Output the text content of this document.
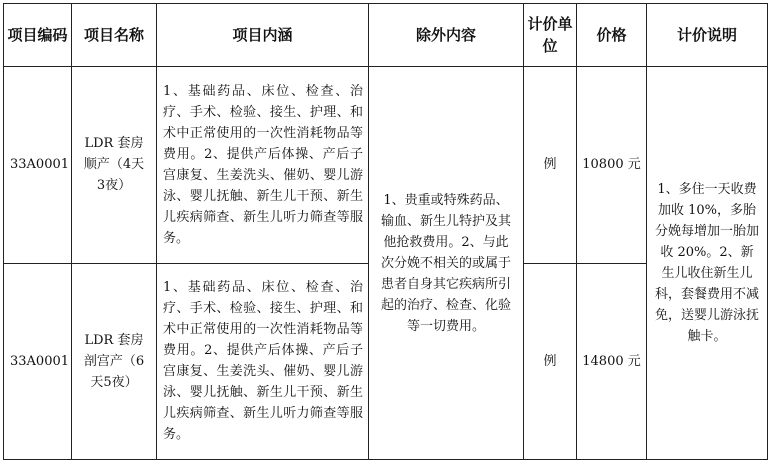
项目编码	项目名称	项目内涵	除外内容	计价单位	价格	计价说明
33A0001	LDR 套房顺产（4天3夜）	1、基础药品、床位、检查、治疗、手术、检验、接生、护理、和术中正常使用的一次性消耗物品等费用。2、提供产后体操、产后子宫康复、生姜洗头、催奶、婴儿游泳、婴儿抚触、新生儿干预、新生儿疾病筛查、新生儿听力筛查等服务。	1、贵重或特殊药品、输血、新生儿特护及其他抢救费用。2、与此次分娩不相关的或属于患者自身其它疾病所引起的治疗、检查、化验等一切费用。	例	10800 元	1、多住一天收费加收 10%，多胎分娩每增加一胎加收 20%。2、新生儿收住新生儿科，套餐费用不减免，送婴儿游泳抚触卡。
33A0001	LDR 套房剖宫产（6天5夜）	1、基础药品、床位、检查、治疗、手术、检验、接生、护理、和术中正常使用的一次性消耗物品等费用。2、提供产后体操、产后子宫康复、生姜洗头、催奶、婴儿游泳、婴儿抚触、新生儿干预、新生儿疾病筛查、新生儿听力筛查等服务。		例	14800 元	
